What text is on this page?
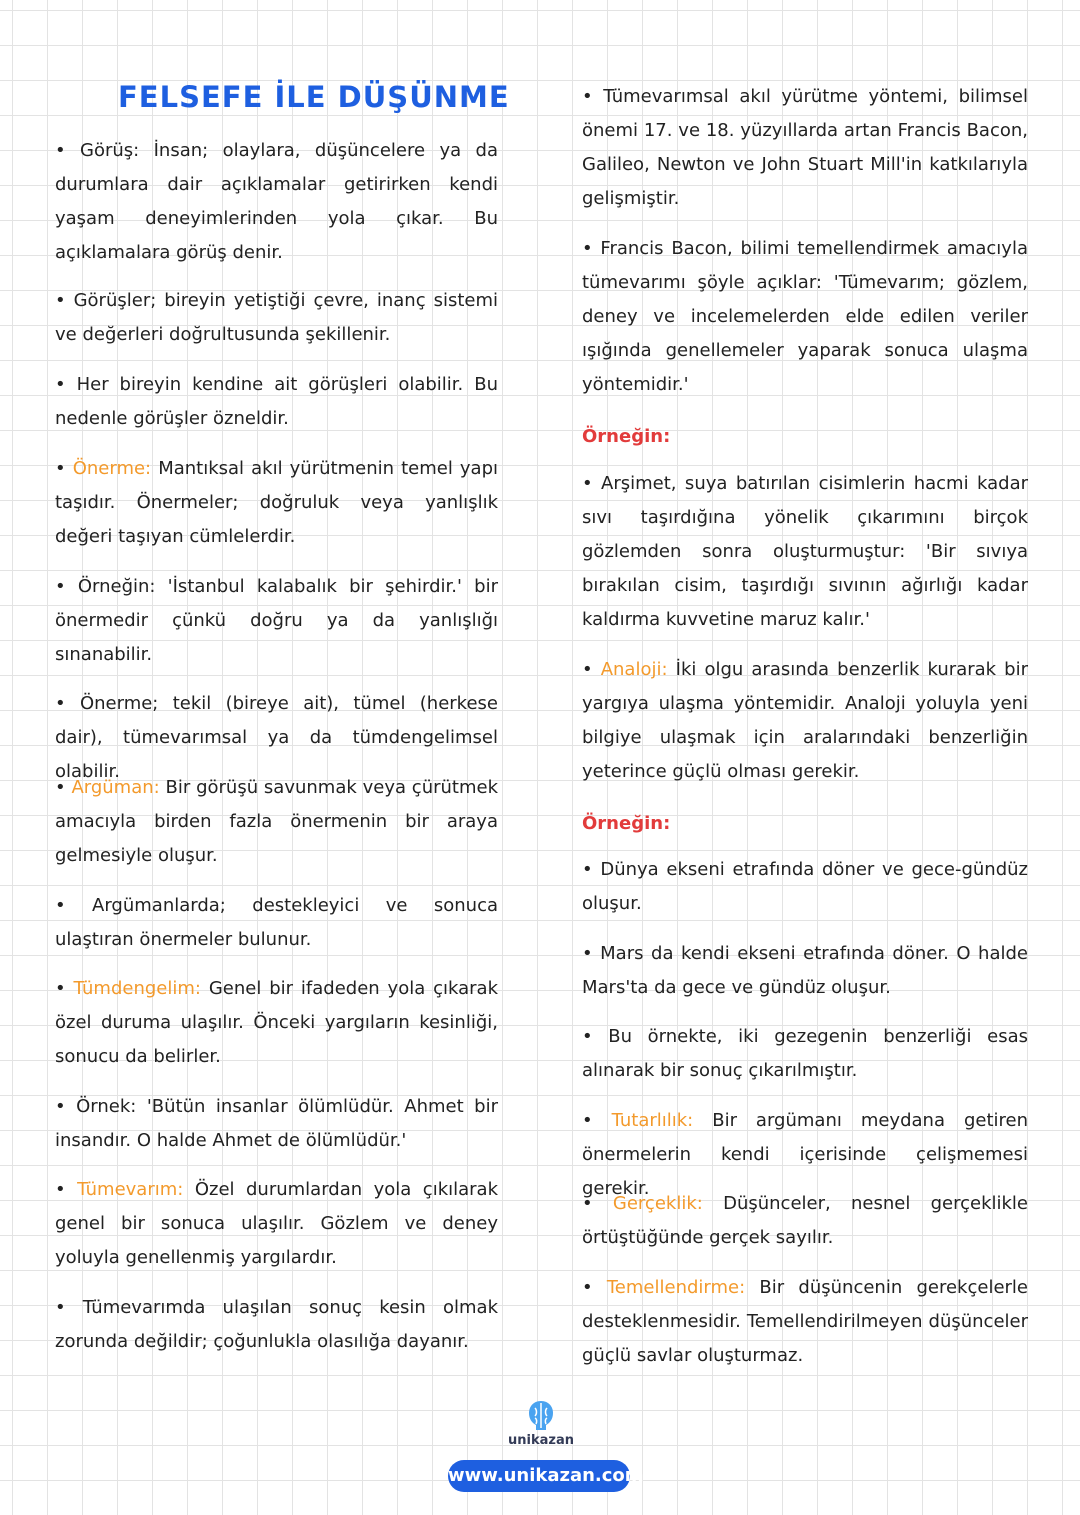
FELSEFE İLE DÜŞÜNME

• Görüş: İnsan; olaylara, düşüncelere ya da durumlara dair açıklamalar getirirken kendi yaşam deneyimlerinden yola çıkar. Bu açıklamalara görüş denir.

• Görüşler; bireyin yetiştiği çevre, inanç sistemi ve değerleri doğrultusunda şekillenir.

• Her bireyin kendine ait görüşleri olabilir. Bu nedenle görüşler özneldir.

• Önerme: Mantıksal akıl yürütmenin temel yapı taşıdır. Önermeler; doğruluk veya yanlışlık değeri taşıyan cümlelerdir.

• Örneğin: 'İstanbul kalabalık bir şehirdir.' bir önermedir çünkü doğru ya da yanlışlığı sınanabilir.

• Önerme; tekil (bireye ait), tümel (herkese dair), tümevarımsal ya da tümdengelimsel olabilir.

• Argüman: Bir görüşü savunmak veya çürütmek amacıyla birden fazla önermenin bir araya gelmesiyle oluşur.

• Argümanlarda; destekleyici ve sonuca ulaştıran önermeler bulunur.

• Tümdengelim: Genel bir ifadeden yola çıkarak özel duruma ulaşılır. Önceki yargıların kesinliği, sonucu da belirler.

• Örnek: 'Bütün insanlar ölümlüdür. Ahmet bir insandır. O halde Ahmet de ölümlüdür.'

• Tümevarım: Özel durumlardan yola çıkılarak genel bir sonuca ulaşılır. Gözlem ve deney yoluyla genellenmiş yargılardır.

• Tümevarımda ulaşılan sonuç kesin olmak zorunda değildir; çoğunlukla olasılığa dayanır.

• Tümevarımsal akıl yürütme yöntemi, bilimsel önemi 17. ve 18. yüzyıllarda artan Francis Bacon, Galileo, Newton ve John Stuart Mill'in katkılarıyla gelişmiştir.

• Francis Bacon, bilimi temellendirmek amacıyla tümevarımı şöyle açıklar: 'Tümevarım; gözlem, deney ve incelemelerden elde edilen veriler ışığında genellemeler yaparak sonuca ulaşma yöntemidir.'

Örneğin:

• Arşimet, suya batırılan cisimlerin hacmi kadar sıvı taşırdığına yönelik çıkarımını birçok gözlemden sonra oluşturmuştur: 'Bir sıvıya bırakılan cisim, taşırdığı sıvının ağırlığı kadar kaldırma kuvvetine maruz kalır.'

• Analoji: İki olgu arasında benzerlik kurarak bir yargıya ulaşma yöntemidir. Analoji yoluyla yeni bilgiye ulaşmak için aralarındaki benzerliğin yeterince güçlü olması gerekir.

Örneğin:

• Dünya ekseni etrafında döner ve gece-gündüz oluşur.

• Mars da kendi ekseni etrafında döner. O halde Mars'ta da gece ve gündüz oluşur.

• Bu örnekte, iki gezegenin benzerliği esas alınarak bir sonuç çıkarılmıştır.

• Tutarlılık: Bir argümanı meydana getiren önermelerin kendi içerisinde çelişmemesi gerekir.

• Gerçeklik: Düşünceler, nesnel gerçeklikle örtüştüğünde gerçek sayılır.

• Temellendirme: Bir düşüncenin gerekçelerle desteklenmesidir. Temellendirilmeyen düşünceler güçlü savlar oluşturmaz.

unikazan
www.unikazan.com
